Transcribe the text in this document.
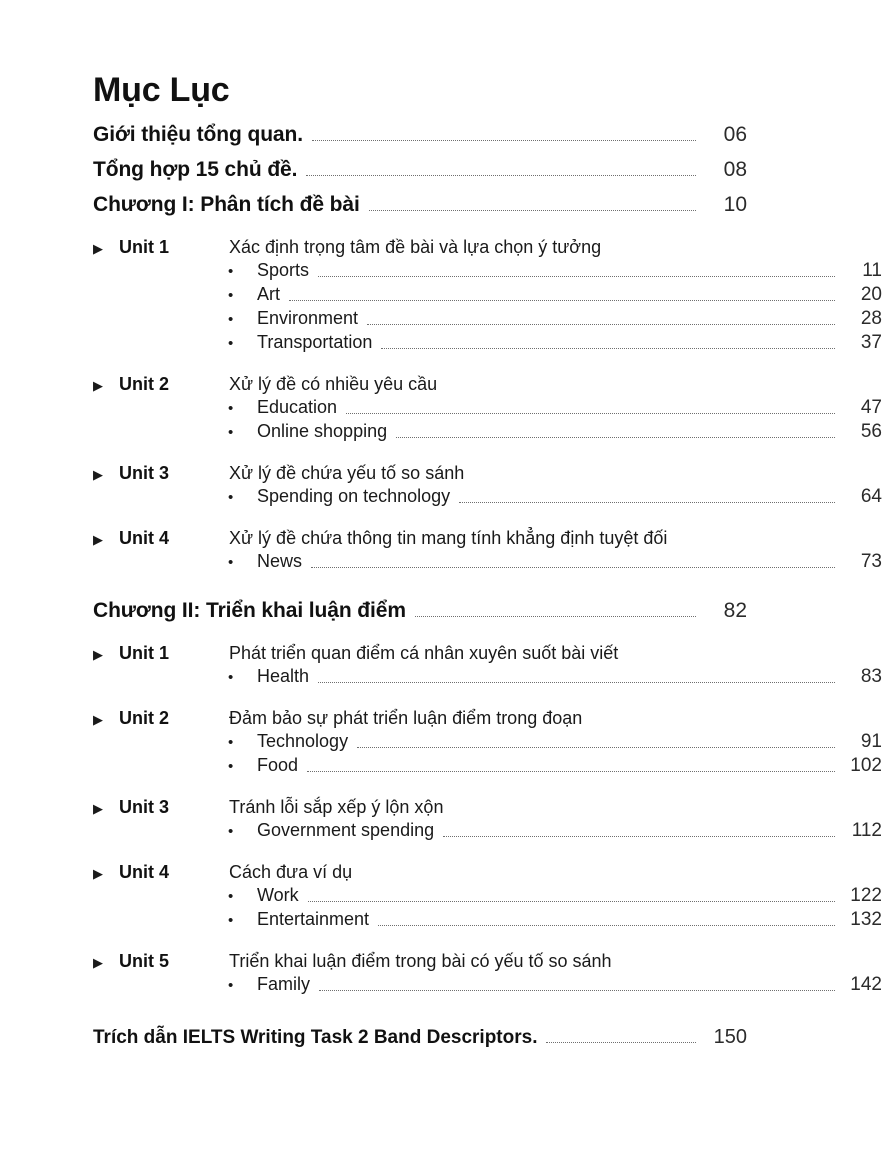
Mục Lục
Giới thiệu tổng quan.	06
Tổng hợp 15 chủ đề.	08
Chương I: Phân tích đề bài	10
▶ Unit 1	Xác định trọng tâm đề bài và lựa chọn ý tưởng
•	Sports	11
•	Art	20
•	Environment	28
•	Transportation	37
▶ Unit 2	Xử lý đề có nhiều yêu cầu
•	Education	47
•	Online shopping	56
▶ Unit 3	Xử lý đề chứa yếu tố so sánh
•	Spending on technology	64
▶ Unit 4	Xử lý đề chứa thông tin mang tính khẳng định tuyệt đối
•	News	73
Chương II: Triển khai luận điểm	82
▶ Unit 1	Phát triển quan điểm cá nhân xuyên suốt bài viết
•	Health	83
▶ Unit 2	Đảm bảo sự phát triển luận điểm trong đoạn
•	Technology	91
•	Food	102
▶ Unit 3	Tránh lỗi sắp xếp ý lộn xộn
•	Government spending	112
▶ Unit 4	Cách đưa ví dụ
•	Work	122
•	Entertainment	132
▶ Unit 5	Triển khai luận điểm trong bài có yếu tố so sánh
•	Family	142
Trích dẫn IELTS Writing Task 2 Band Descriptors.	150
